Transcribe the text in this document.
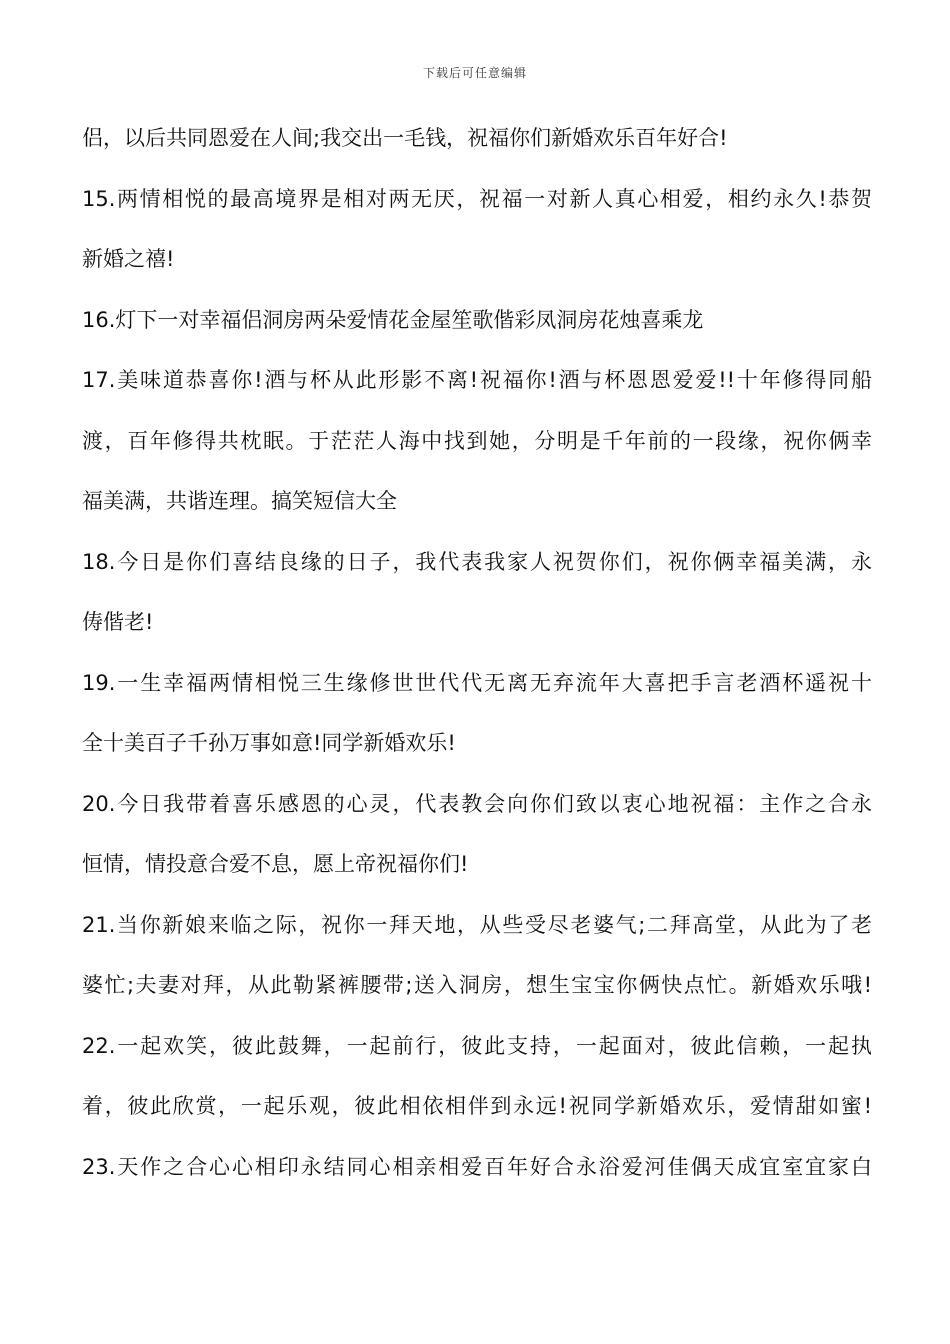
下载后可任意编辑
侣，以后共同恩爱在人间;我交出一毛钱，祝福你们新婚欢乐百年好合!
15.两情相悦的最高境界是相对两无厌，祝福一对新人真心相爱，相约永久!恭贺
新婚之禧!
16.灯下一对幸福侣洞房两朵爱情花金屋笙歌偕彩凤洞房花烛喜乘龙
17.美味道恭喜你!酒与杯从此形影不离!祝福你!酒与杯恩恩爱爱!!十年修得同船
渡，百年修得共枕眠。于茫茫人海中找到她，分明是千年前的一段缘，祝你俩幸
福美满，共谐连理。搞笑短信大全
18.今日是你们喜结良缘的日子，我代表我家人祝贺你们，祝你俩幸福美满，永
俦偕老!
19.一生幸福两情相悦三生缘修世世代代无离无弃流年大喜把手言老酒杯遥祝十
全十美百子千孙万事如意!同学新婚欢乐!
20.今日我带着喜乐感恩的心灵，代表教会向你们致以衷心地祝福：主作之合永
恒情，情投意合爱不息，愿上帝祝福你们!
21.当你新娘来临之际，祝你一拜天地，从些受尽老婆气;二拜高堂，从此为了老
婆忙;夫妻对拜，从此勒紧裤腰带;送入洞房，想生宝宝你俩快点忙。新婚欢乐哦!
22.一起欢笑，彼此鼓舞，一起前行，彼此支持，一起面对，彼此信赖，一起执
着，彼此欣赏，一起乐观，彼此相依相伴到永远!祝同学新婚欢乐，爱情甜如蜜!
23.天作之合心心相印永结同心相亲相爱百年好合永浴爱河佳偶天成宜室宜家白
